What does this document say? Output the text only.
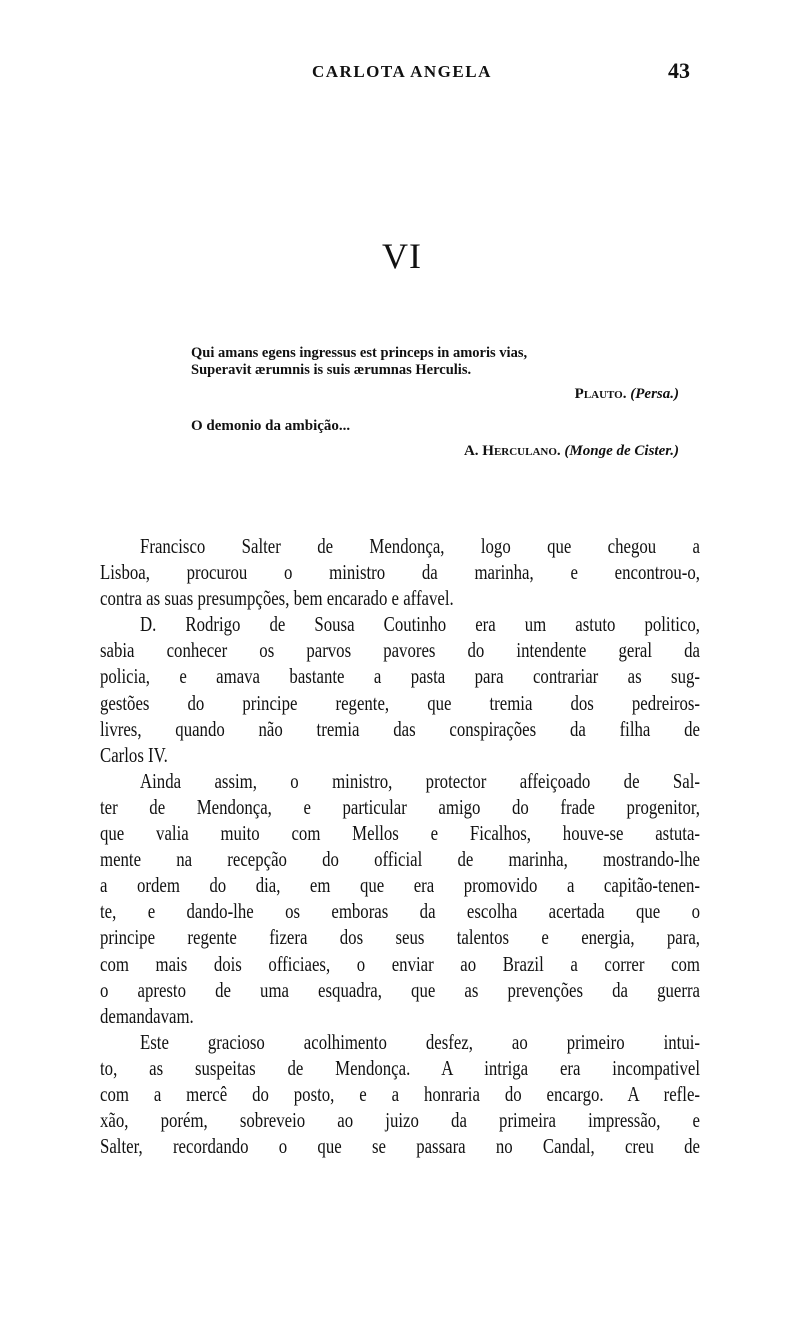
CARLOTA ANGELA	43
VI
Qui amans egens ingressus est princeps in amoris vias,
Superavit ærumnis is suis ærumnas Herculis.
Plauto. (Persa.)
O demonio da ambição...
A. Herculano. (Monge de Cister.)
Francisco Salter de Mendonça, logo que chegou a
Lisboa, procurou o ministro da marinha, e encontrou-o,
contra as suas presumpções, bem encarado e affavel.
D. Rodrigo de Sousa Coutinho era um astuto politico,
sabia conhecer os parvos pavores do intendente geral da
policia, e amava bastante a pasta para contrariar as sug-
gestões do principe regente, que tremia dos pedreiros-
livres, quando não tremia das conspirações da filha de
Carlos IV.
Ainda assim, o ministro, protector affeiçoado de Sal-
ter de Mendonça, e particular amigo do frade progenitor,
que valia muito com Mellos e Ficalhos, houve-se astuta-
mente na recepção do official de marinha, mostrando-lhe
a ordem do dia, em que era promovido a capitão-tenen-
te, e dando-lhe os emboras da escolha acertada que o
principe regente fizera dos seus talentos e energia, para,
com mais dois officiaes, o enviar ao Brazil a correr com
o apresto de uma esquadra, que as prevenções da guerra
demandavam.
Este gracioso acolhimento desfez, ao primeiro intui-
to, as suspeitas de Mendonça. A intriga era incompativel
com a mercê do posto, e a honraria do encargo. A refle-
xão, porém, sobreveio ao juizo da primeira impressão, e
Salter, recordando o que se passara no Candal, creu de
